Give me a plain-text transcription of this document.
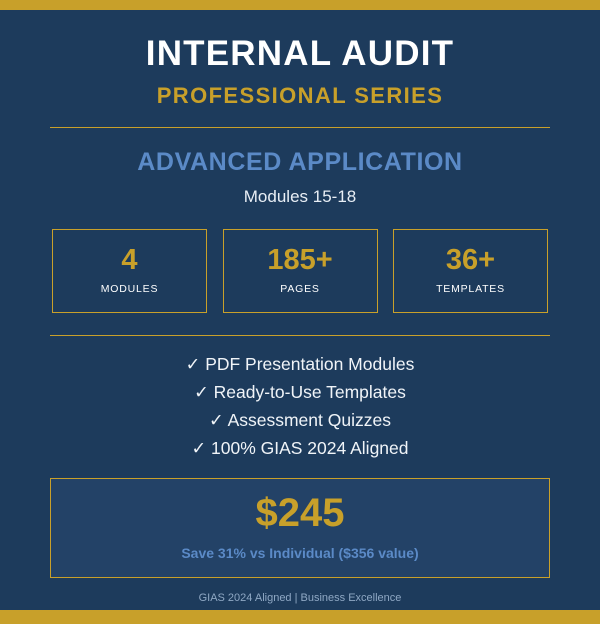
INTERNAL AUDIT
PROFESSIONAL SERIES
ADVANCED APPLICATION
Modules 15-18
4
MODULES
185+
PAGES
36+
TEMPLATES
✓ PDF Presentation Modules
✓ Ready-to-Use Templates
✓ Assessment Quizzes
✓ 100% GIAS 2024 Aligned
$245
Save 31% vs Individual ($356 value)
GIAS 2024 Aligned | Business Excellence
